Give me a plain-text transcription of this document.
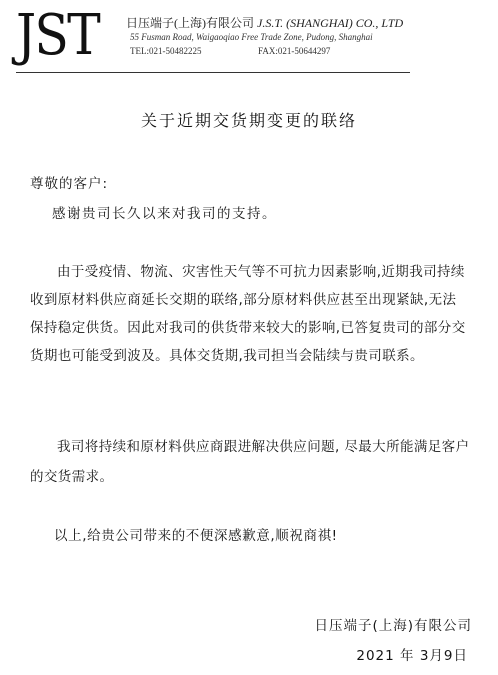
JST 日压端子(上海)有限公司 J.S.T. (SHANGHAI) CO., LTD
55 Fusman Road, Waigaoqiao Free Trade Zone, Pudong, Shanghai
TEL:021-50482225	FAX:021-50644297
关于近期交货期变更的联络
尊敬的客户:
感谢贵司长久以来对我司的支持。
由于受疫情、物流、灾害性天气等不可抗力因素影响,近期我司持续收到原材料供应商延长交期的联络,部分原材料供应甚至出现紧缺,无法保持稳定供货。因此对我司的供货带来较大的影响,已答复贵司的部分交货期也可能受到波及。具体交货期,我司担当会陆续与贵司联系。
我司将持续和原材料供应商跟进解决供应问题, 尽最大所能满足客户的交货需求。
以上,给贵公司带来的不便深感歉意,顺祝商祺!
日压端子(上海)有限公司
2021 年 3月9日
